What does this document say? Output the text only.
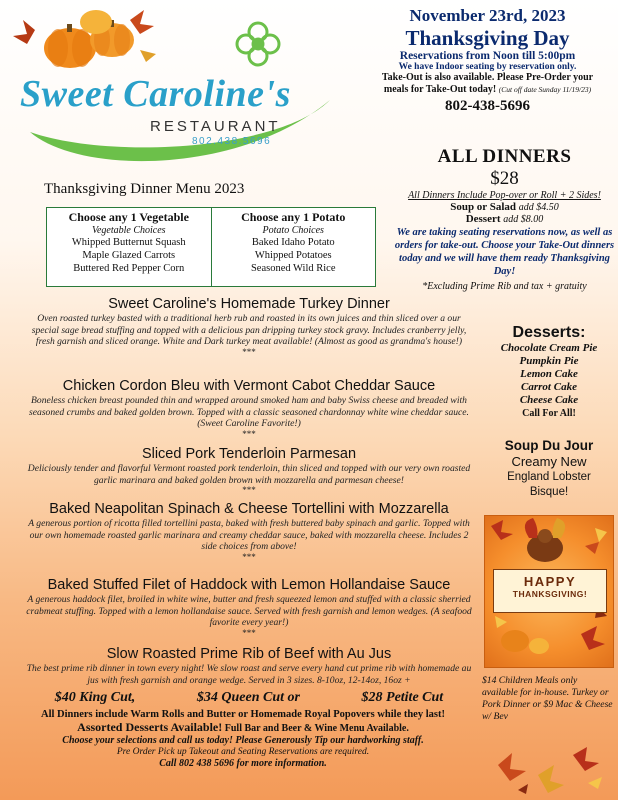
Sweet Caroline's
RESTAURANT
802.438.5696
November 23rd, 2023
Thanksgiving Day
Reservations from Noon till 5:00pm
We have Indoor seating by reservation only.
Take-Out is also available. Please Pre-Order your
meals for Take-Out today! (Cut off date Sunday 11/19/23)
802-438-5696
ALL DINNERS
$28
All Dinners Include Pop-over or Roll + 2 Sides!
Soup or Salad add $4.50
Dessert add $8.00
We are taking seating reservations now, as well as orders for take-out. Choose your Take-Out dinners today and we will have them ready Thanksgiving Day!
*Excluding Prime Rib and tax + gratuity
Thanksgiving Dinner Menu 2023
Choose any 1 Vegetable
Vegetable Choices
Whipped Butternut Squash
Maple Glazed Carrots
Buttered Red Pepper Corn
Choose any 1 Potato
Potato Choices
Baked Idaho Potato
Whipped Potatoes
Seasoned Wild Rice
Sweet Caroline's Homemade Turkey Dinner
Oven roasted turkey basted with a traditional herb rub and roasted in its own juices and thin sliced over a our special sage bread stuffing and topped with a delicious pan dripping turkey stock gravy. Includes cranberry jelly, fresh garnish and sliced orange. White and Dark turkey meat available! (Almost as good as grandma's house!)
***
Chicken Cordon Bleu with Vermont Cabot Cheddar Sauce
Boneless chicken breast pounded thin and wrapped around smoked ham and baby Swiss cheese and breaded with seasoned crumbs and baked golden brown. Topped with a classic seasoned chardonnay white wine cheddar sauce. (Sweet Caroline Favorite!)
***
Sliced Pork Tenderloin Parmesan
Deliciously tender and flavorful Vermont roasted pork tenderloin, thin sliced and topped with our very own roasted garlic marinara and baked golden brown with mozzarella and parmesan cheese!
***
Baked Neapolitan Spinach & Cheese Tortellini with Mozzarella
A generous portion of ricotta filled tortellini pasta, baked with fresh buttered baby spinach and garlic. Topped with our own homemade roasted garlic marinara and creamy cheddar sauce, baked with mozzarella cheese. Includes 2 side choices from above!
***
Baked Stuffed Filet of Haddock with Lemon Hollandaise Sauce
A generous haddock filet, broiled in white wine, butter and fresh squeezed lemon and stuffed with a classic sherried crabmeat stuffing. Topped with a lemon hollandaise sauce. Served with fresh garnish and lemon wedges. (A seafood favorite every year!)
***
Slow Roasted Prime Rib of Beef with Au Jus
The best prime rib dinner in town every night! We slow roast and serve every hand cut prime rib with homemade au jus with fresh garnish and orange wedge. Served in 3 sizes. 8-10oz, 12-14oz, 16oz +
$40 King Cut,	$34 Queen Cut or	$28 Petite Cut
All Dinners include Warm Rolls and Butter or Homemade Royal Popovers while they last!
Assorted Desserts Available! Full Bar and Beer & Wine Menu Available.
Choose your selections and call us today! Please Generously Tip our hardworking staff.
Pre Order Pick up Takeout and Seating Reservations are required.
Call 802 438 5696 for more information.
Desserts:
Chocolate Cream Pie
Pumpkin Pie
Lemon Cake
Carrot Cake
Cheese Cake
Call For All!
Soup Du Jour
Creamy New
England Lobster
Bisque!
HAPPY
THANKSGIVING!

$14 Children Meals only available for in-house. Turkey or Pork Dinner or $9 Mac & Cheese w/ Bev
